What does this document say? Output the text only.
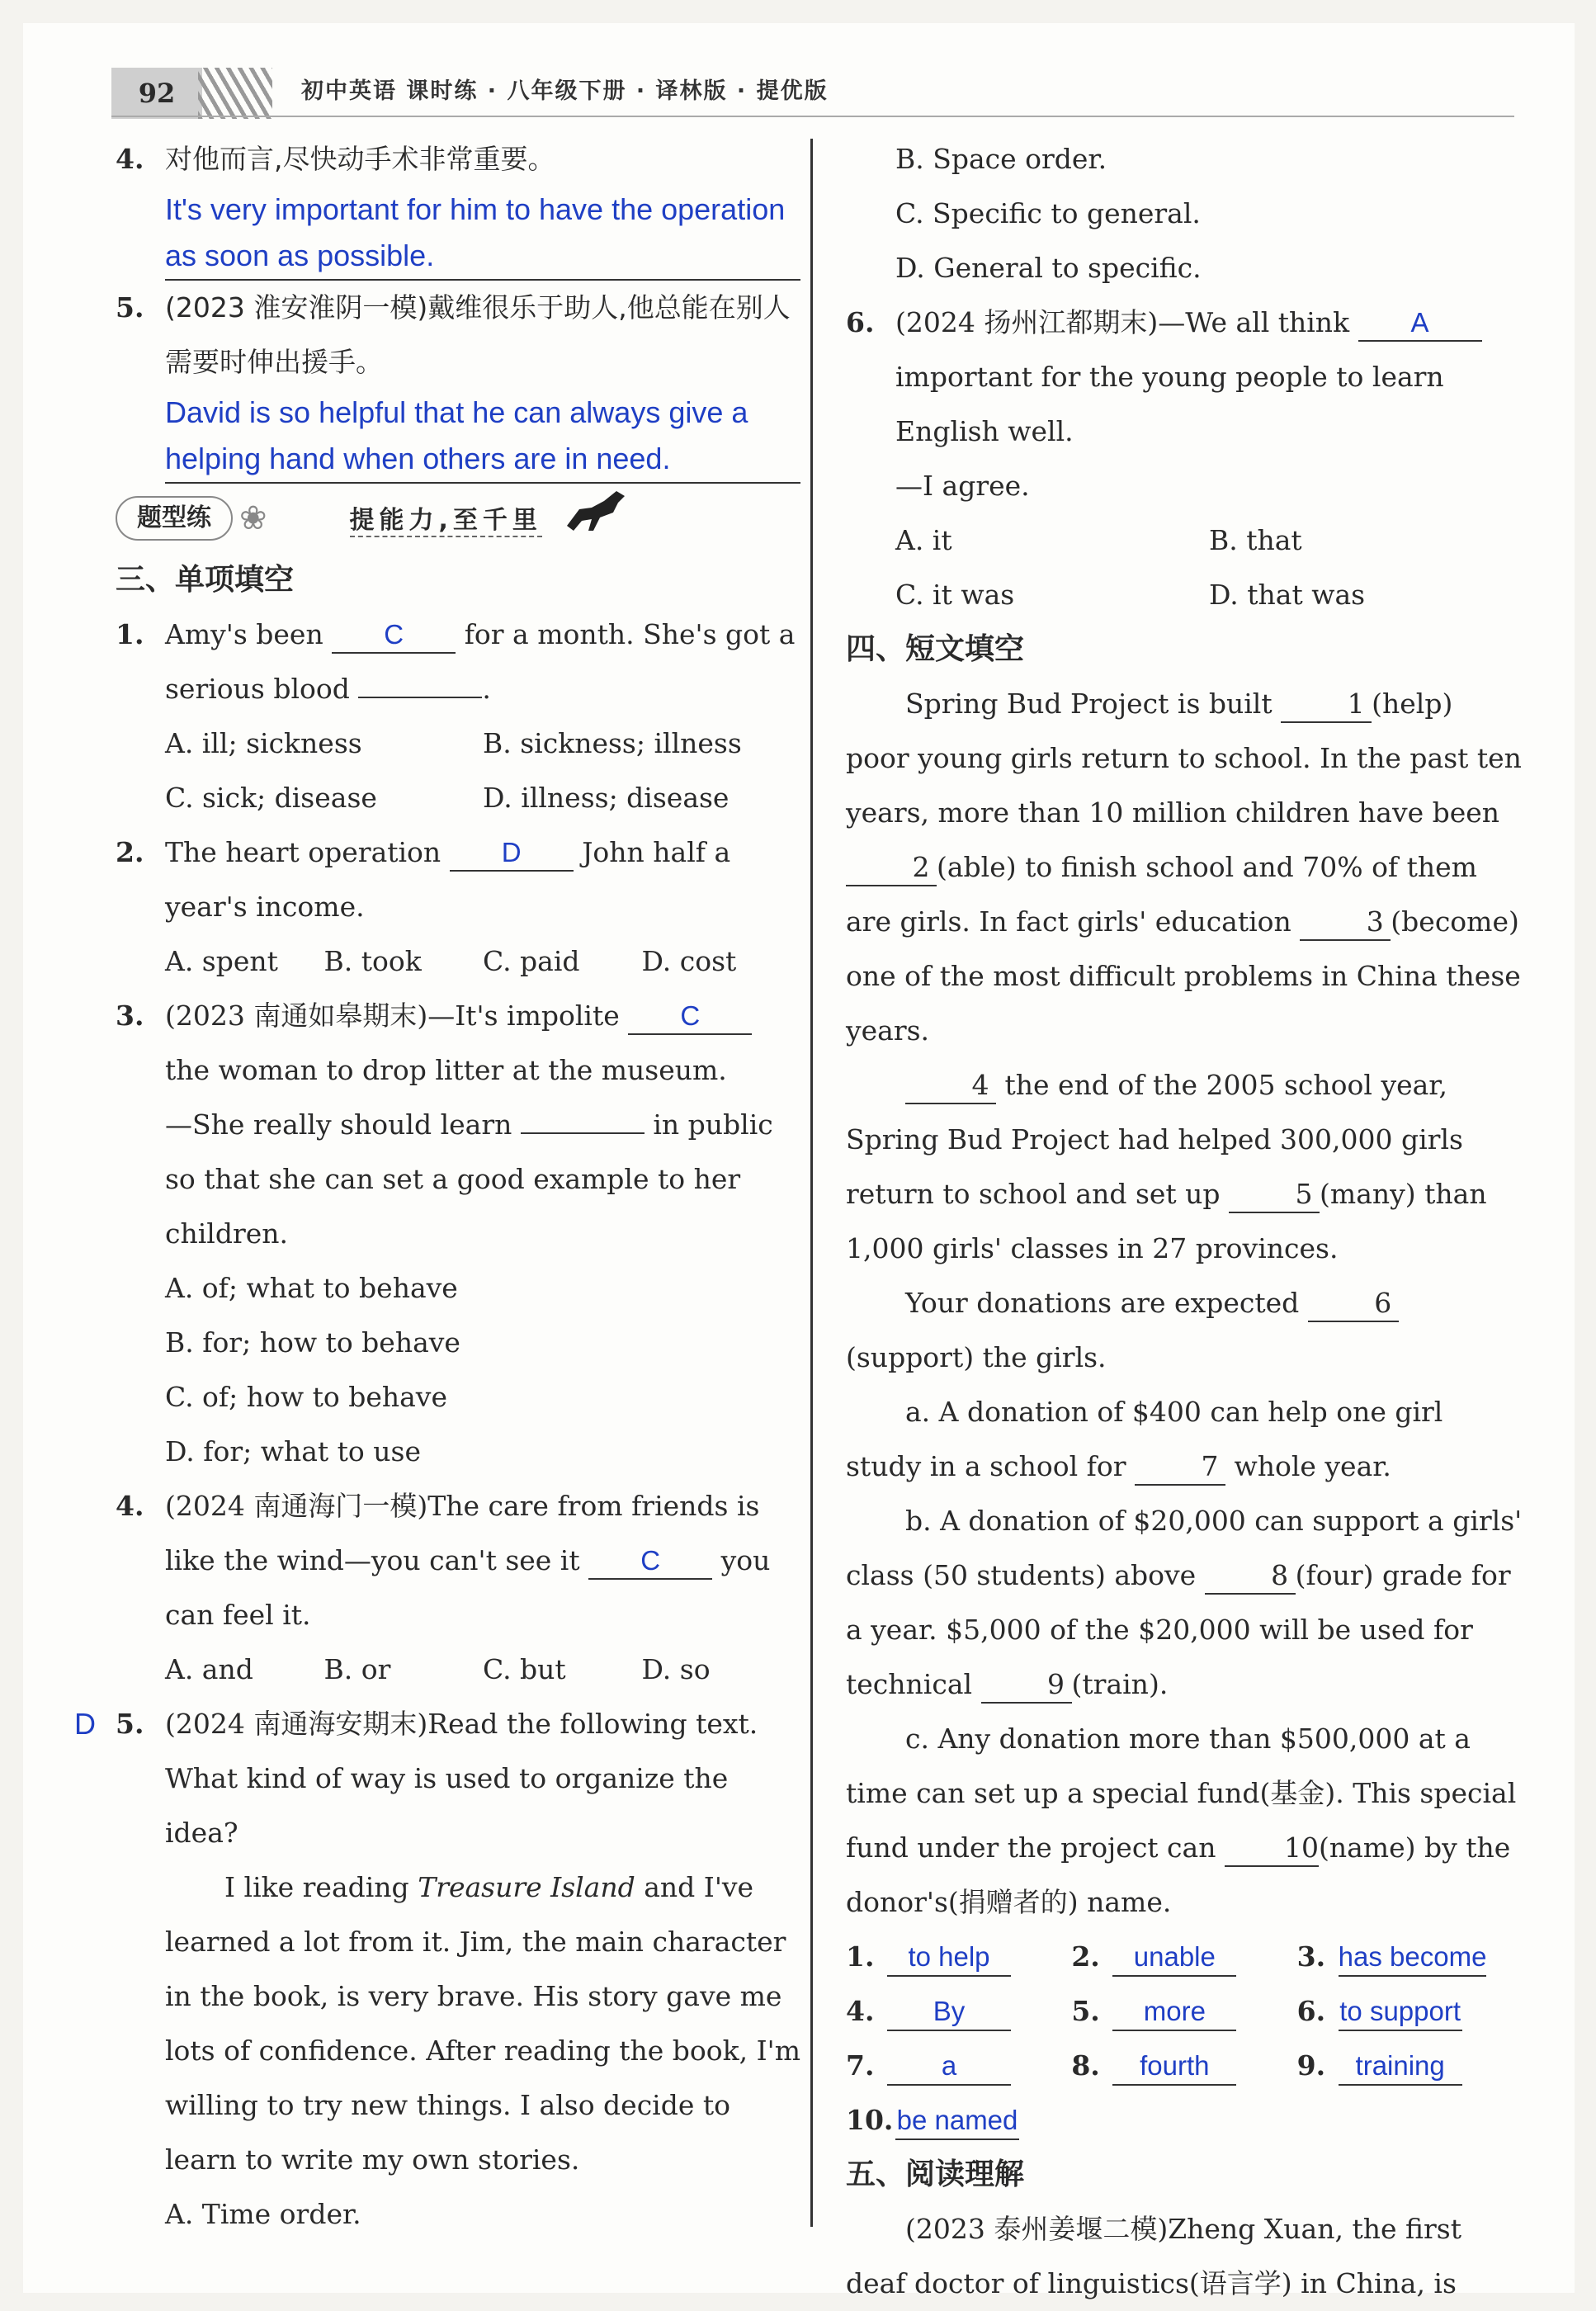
92	初中英语 课时练 · 八年级下册 · 译林版 · 提优版
4. 对他而言,尽快动手术非常重要。

It's very important for him to have the operation as soon as possible.

5. (2023 淮安淮阴一模)戴维很乐于助人,他总能在别人需要时伸出援手。

David is so helpful that he can always give a helping hand when others are in need.

题型练 ❀	提能力,至千里

三、单项填空

1. Amy's been C for a month. She's got a serious blood	.

A. ill; sickness	B. sickness; illness
C. sick; disease	D. illness; disease
2. The heart operation D John half a year's income.

A. spent	B. took	C. paid	D. cost
3. (2023 南通如皋期末)—It's impolite C the woman to drop litter at the museum.

—She really should learn	in public so that she can set a good example to her children.

A. of; what to behave

B. for; how to behave

C. of; how to behave

D. for; what to use

4. (2024 南通海门一模)The care from friends is like the wind—you can't see it C you can feel it.

A. and	B. or	C. but	D. so
D 5. (2024 南通海安期末)Read the following text. What kind of way is used to organize the idea?

I like reading Treasure Island and I've learned a lot from it. Jim, the main character in the book, is very brave. His story gave me lots of confidence. After reading the book, I'm willing to try new things. I also decide to learn to write my own stories.

A. Time order.

B. Space order.

C. Specific to general.

D. General to specific.

6. (2024 扬州江都期末)—We all think A important for the young people to learn English well.

—I agree.

A. it	B. that
C. it was	D. that was

四、短文填空

Spring Bud Project is built 1 (help) poor young girls return to school. In the past ten years, more than 10 million children have been 2 (able) to finish school and 70% of them are girls. In fact girls' education 3 (become) one of the most difficult problems in China these years.

4 the end of the 2005 school year, Spring Bud Project had helped 300,000 girls return to school and set up 5 (many) than 1,000 girls' classes in 27 provinces.

Your donations are expected 6(support) the girls.

a. A donation of $400 can help one girl study in a school for 7 whole year.

b. A donation of $20,000 can support a girls' class (50 students) above 8 (four) grade for a year. $5,000 of the $20,000 will be used for technical 9 (train).

c. Any donation more than $500,000 at a time can set up a special fund(基金). This special fund under the project can 10(name) by the donor's(捐赠者的) name.

1.	to help	2.	unable	3. has become
4.	By	5.	more	6. to support
7.	a	8.	fourth	9.	training
10. be named

五、阅读理解

(2023 泰州姜堰二模)Zheng Xuan, the first deaf doctor of linguistics(语言学) in China, is
